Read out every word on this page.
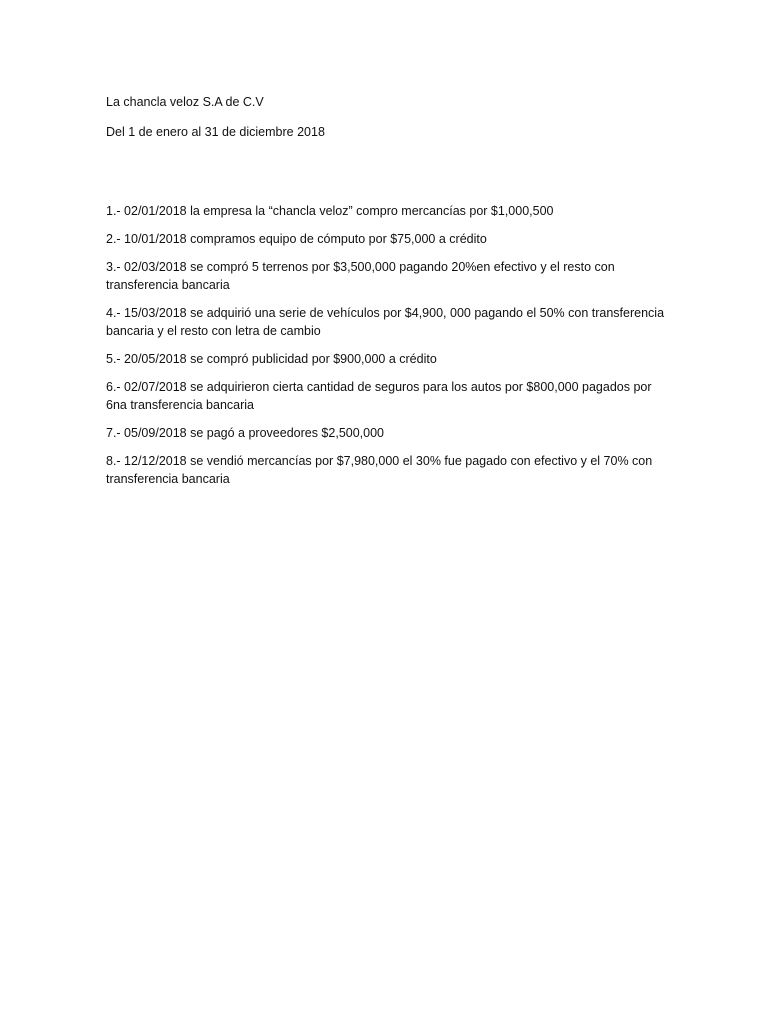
La chancla veloz S.A de C.V

Del 1 de enero al 31 de diciembre 2018

1.- 02/01/2018 la empresa la “chancla veloz” compro mercancías por $1,000,500
2.- 10/01/2018 compramos equipo de cómputo por $75,000 a crédito
3.- 02/03/2018 se compró 5 terrenos por $3,500,000 pagando 20%en efectivo y el resto con transferencia bancaria
4.- 15/03/2018 se adquirió una serie de vehículos por $4,900, 000 pagando el 50% con transferencia bancaria y el resto con letra de cambio
5.- 20/05/2018 se compró publicidad por $900,000 a crédito
6.- 02/07/2018 se adquirieron cierta cantidad de seguros para los autos por $800,000 pagados por 6na transferencia bancaria
7.- 05/09/2018 se pagó a proveedores $2,500,000
8.- 12/12/2018 se vendió mercancías por $7,980,000 el 30% fue pagado con efectivo y el 70% con transferencia bancaria
